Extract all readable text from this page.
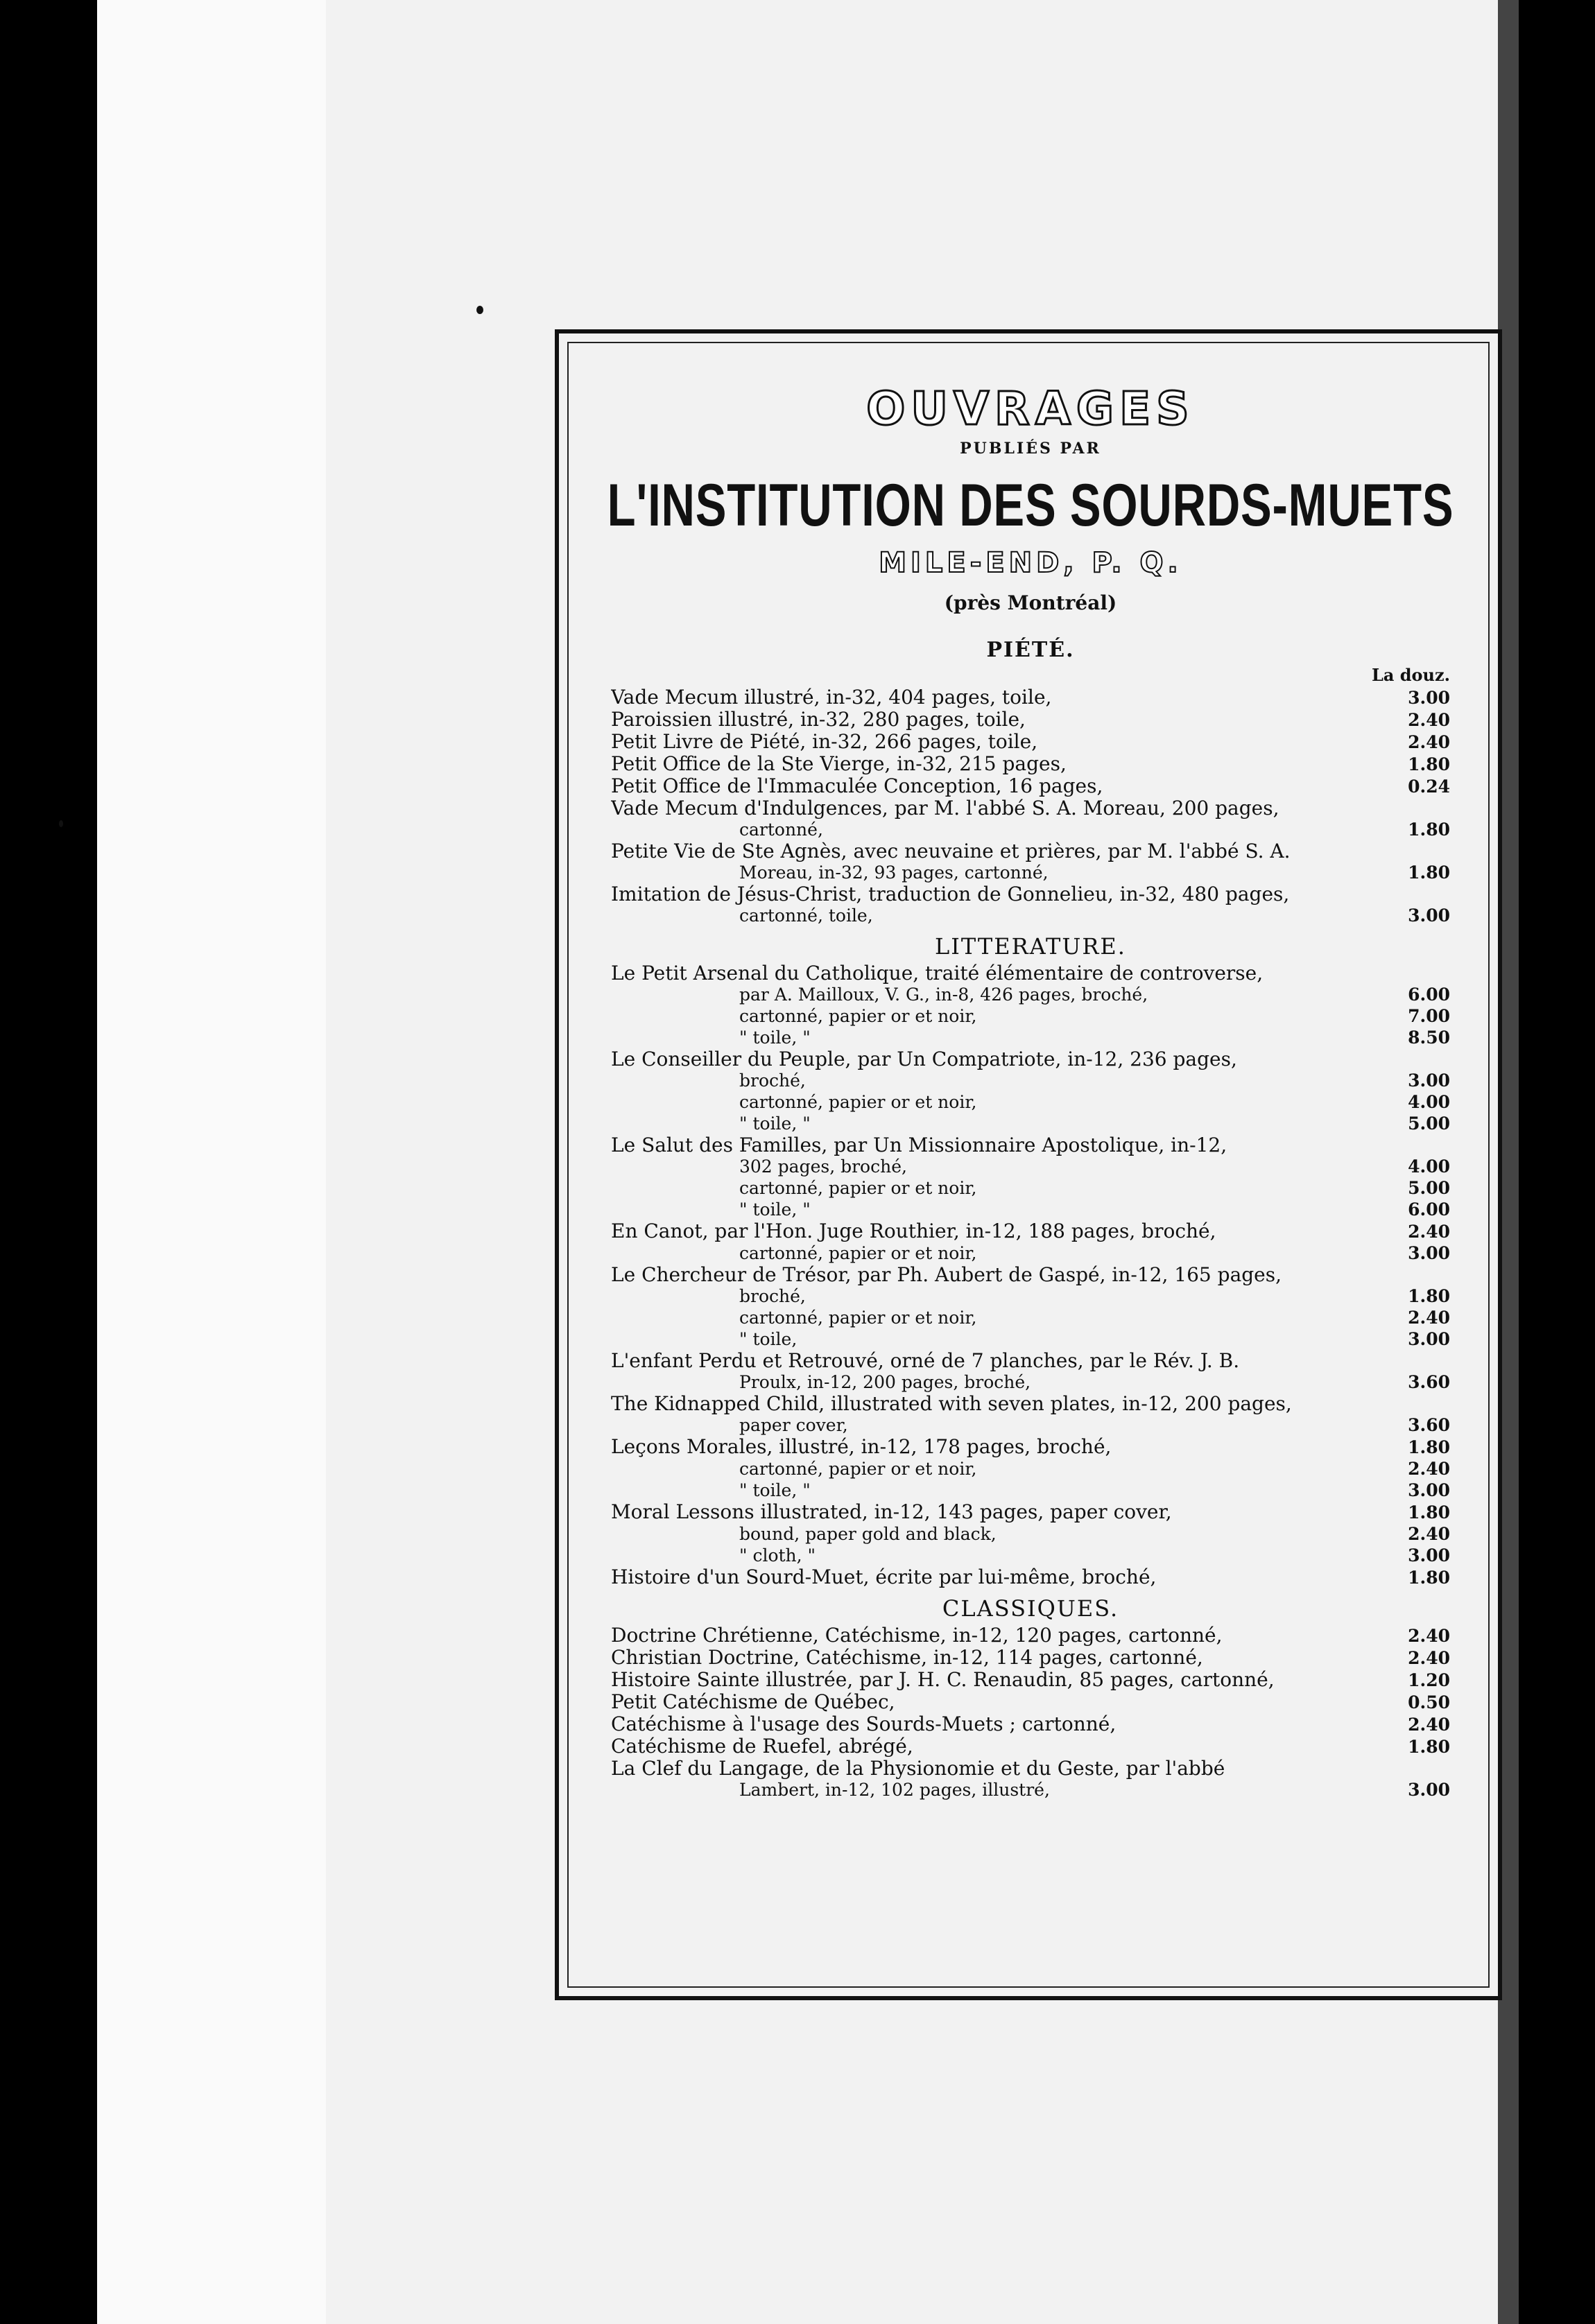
OUVRAGES
PUBLIÉS PAR
L'INSTITUTION DES SOURDS-MUETS
MILE-END, P. Q.
(près Montréal)
PIÉTÉ.
La douz.
Vade Mecum illustré, in-32, 404 pages, toile,	3.00
Paroissien illustré, in-32, 280 pages, toile,	2.40
Petit Livre de Piété, in-32, 266 pages, toile,	2.40
Petit Office de la Ste Vierge, in-32, 215 pages,	1.80
Petit Office de l'Immaculée Conception, 16 pages,	0.24
Vade Mecum d'Indulgences, par M. l'abbé S. A. Moreau, 200 pages,
cartonné,	1.80
Petite Vie de Ste Agnès, avec neuvaine et prières, par M. l'abbé S. A.
Moreau, in-32, 93 pages, cartonné,	1.80
Imitation de Jésus-Christ, traduction de Gonnelieu, in-32, 480 pages,
cartonné, toile,	3.00
LITTERATURE.
Le Petit Arsenal du Catholique, traité élémentaire de controverse,
par A. Mailloux, V. G., in-8, 426 pages, broché,	6.00
cartonné, papier or et noir,	7.00
" toile, "	8.50
Le Conseiller du Peuple, par Un Compatriote, in-12, 236 pages,
broché,	3.00
cartonné, papier or et noir,	4.00
" toile, "	5.00
Le Salut des Familles, par Un Missionnaire Apostolique, in-12,
302 pages, broché,	4.00
cartonné, papier or et noir,	5.00
" toile, "	6.00
En Canot, par l'Hon. Juge Routhier, in-12, 188 pages, broché,	2.40
cartonné, papier or et noir,	3.00
Le Chercheur de Trésor, par Ph. Aubert de Gaspé, in-12, 165 pages,
broché,	1.80
cartonné, papier or et noir,	2.40
" toile,	3.00
L'enfant Perdu et Retrouvé, orné de 7 planches, par le Rév. J. B.
Proulx, in-12, 200 pages, broché,	3.60
The Kidnapped Child, illustrated with seven plates, in-12, 200 pages,
paper cover,	3.60
Leçons Morales, illustré, in-12, 178 pages, broché,	1.80
cartonné, papier or et noir,	2.40
" toile, "	3.00
Moral Lessons illustrated, in-12, 143 pages, paper cover,	1.80
bound, paper gold and black,	2.40
" cloth, "	3.00
Histoire d'un Sourd-Muet, écrite par lui-même, broché,	1.80
CLASSIQUES.
Doctrine Chrétienne, Catéchisme, in-12, 120 pages, cartonné,	2.40
Christian Doctrine, Catéchisme, in-12, 114 pages, cartonné,	2.40
Histoire Sainte illustrée, par J. H. C. Renaudin, 85 pages, cartonné,	1.20
Petit Catéchisme de Québec,	0.50
Catéchisme à l'usage des Sourds-Muets ; cartonné,	2.40
Catéchisme de Ruefel, abrégé,	1.80
La Clef du Langage, de la Physionomie et du Geste, par l'abbé
Lambert, in-12, 102 pages, illustré,	3.00
